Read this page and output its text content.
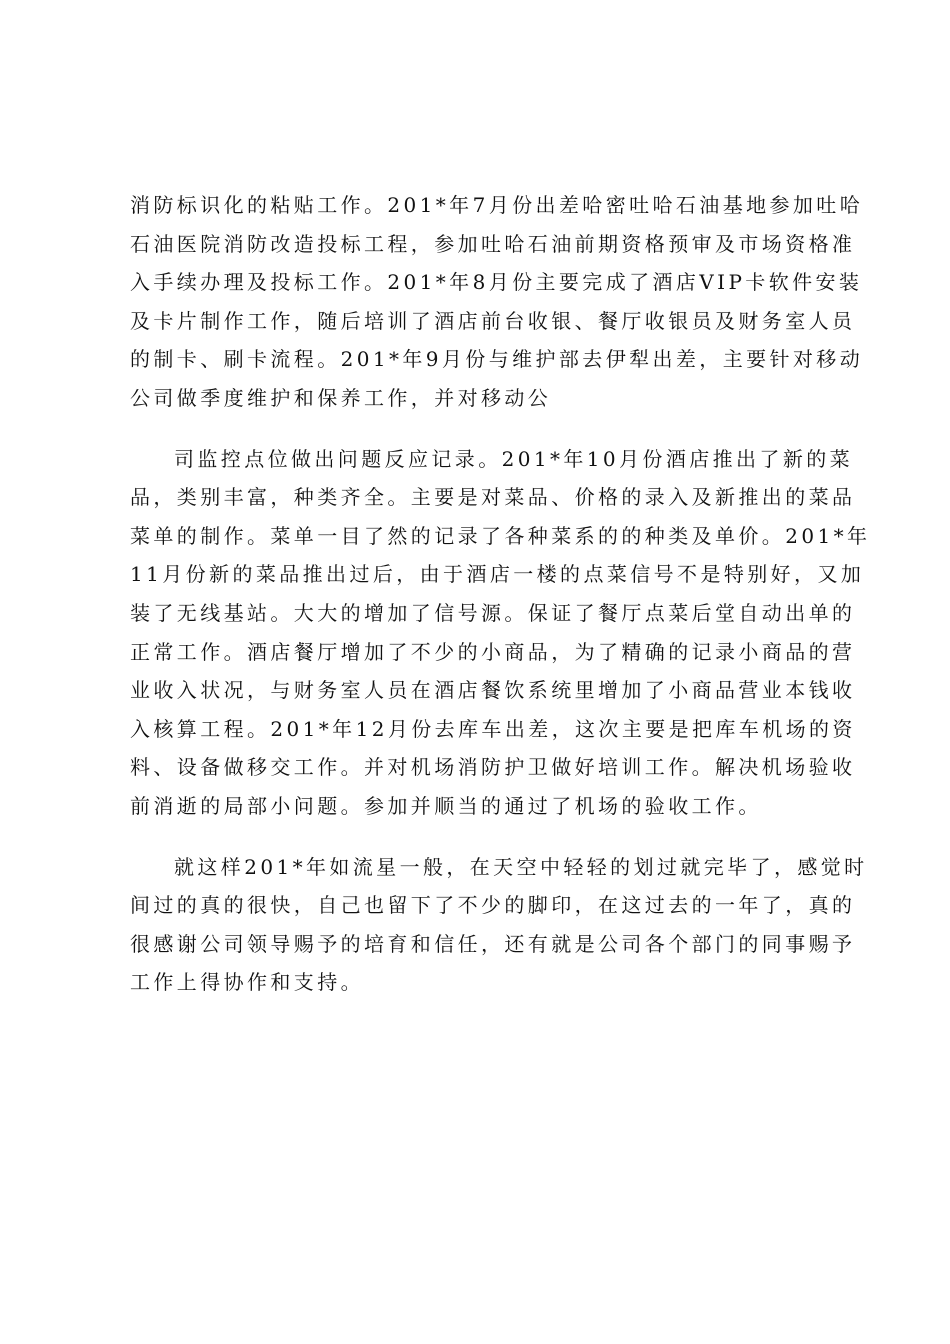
消防标识化的粘贴工作。201*年7月份出差哈密吐哈石油基地参加吐哈
石油医院消防改造投标工程，参加吐哈石油前期资格预审及市场资格准
入手续办理及投标工作。201*年8月份主要完成了酒店VIP卡软件安装
及卡片制作工作，随后培训了酒店前台收银、餐厅收银员及财务室人员
的制卡、刷卡流程。201*年9月份与维护部去伊犁出差，主要针对移动
公司做季度维护和保养工作，并对移动公
司监控点位做出问题反应记录。201*年10月份酒店推出了新的菜
品，类别丰富，种类齐全。主要是对菜品、价格的录入及新推出的菜品
菜单的制作。菜单一目了然的记录了各种菜系的的种类及单价。201*年
11月份新的菜品推出过后，由于酒店一楼的点菜信号不是特别好，又加
装了无线基站。大大的增加了信号源。保证了餐厅点菜后堂自动出单的
正常工作。酒店餐厅增加了不少的小商品，为了精确的记录小商品的营
业收入状况，与财务室人员在酒店餐饮系统里增加了小商品营业本钱收
入核算工程。201*年12月份去库车出差，这次主要是把库车机场的资
料、设备做移交工作。并对机场消防护卫做好培训工作。解决机场验收
前消逝的局部小问题。参加并顺当的通过了机场的验收工作。
就这样201*年如流星一般，在天空中轻轻的划过就完毕了，感觉时
间过的真的很快，自己也留下了不少的脚印，在这过去的一年了，真的
很感谢公司领导赐予的培育和信任，还有就是公司各个部门的同事赐予
工作上得协作和支持。
